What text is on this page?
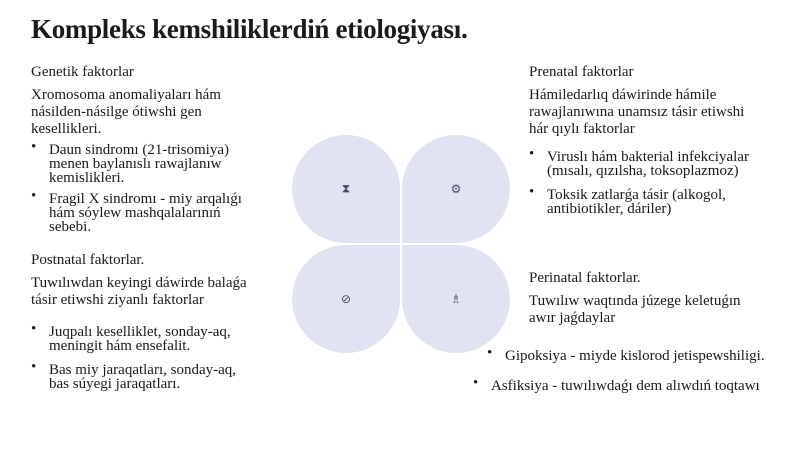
Kompleks kemshiliklerdiń etiologiyası.
Genetik faktorlar
Xromosoma anomaliyaları hám
násilden-násilge ótiwshi gen
kesellikleri.
• Daun sindromı (21-trisomiya)
menen baylanıslı rawajlanıw
kemislikleri.
• Fragil X sindromı - miy arqalıǵı
hám sóylew mashqalalarınıń
sebebi.
Prenatal faktorlar
Hámiledarlıq dáwirinde hámile
rawajlanıwına unamsız tásir etiwshi
hár qıylı faktorlar
• Viruslı hám bakterial infekciyalar
(mısalı, qızılsha, toksoplazmoz)
• Toksik zatlarǵa tásir (alkogol,
antibiotikler, dáriler)
Postnatal faktorlar.
Tuwılıwdan keyingi dáwirde balaǵa
tásir etiwshi ziyanlı faktorlar
• Juqpalı keselliklet, sonday-aq,
meningit hám ensefalit.
• Bas miy jaraqatları, sonday-aq,
bas súyegi jaraqatları.
Perinatal faktorlar.
Tuwılıw waqtında júzege keletuǵın
awır jaǵdaylar
• Gipoksiya - miyde kislorod jetispewshiligi.
• Asfiksiya - tuwılıwdaǵı dem alıwdıń toqtawı
⧗	⚙
⊘	♗
